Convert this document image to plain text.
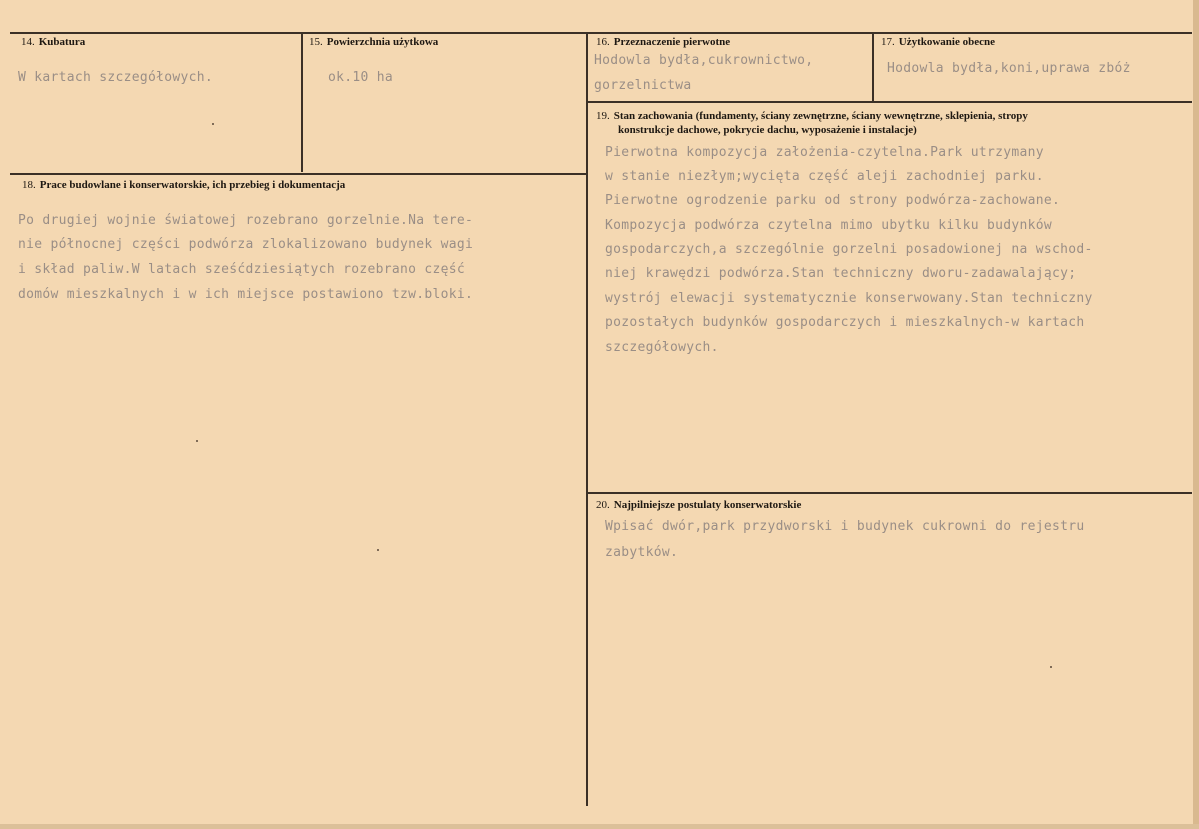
14. Kubatura
W kartach szczegółowych.
15. Powierzchnia użytkowa
ok.10 ha
16. Przeznaczenie pierwotne
Hodowla bydła,cukrownictwo,
gorzelnictwa
17. Użytkowanie obecne
Hodowla bydła,koni,uprawa zbóż
18. Prace budowlane i konserwatorskie, ich przebieg i dokumentacja
Po drugiej wojnie światowej rozebrano gorzelnie.Na tere-
nie północnej części podwórza zlokalizowano budynek wagi
i skład paliw.W latach sześćdziesiątych rozebrano część
domów mieszkalnych i w ich miejsce postawiono tzw.bloki.
19. Stan zachowania (fundamenty, ściany zewnętrzne, ściany wewnętrzne, sklepienia, stropy
konstrukcje dachowe, pokrycie dachu, wyposażenie i instalacje)
Pierwotna kompozycja założenia-czytelna.Park utrzymany
w stanie niezłym;wycięta część aleji zachodniej parku.
Pierwotne ogrodzenie parku od strony podwórza-zachowane.
Kompozycja podwórza czytelna mimo ubytku kilku budynków
gospodarczych,a szczególnie gorzelni posadowionej na wschod-
niej krawędzi podwórza.Stan techniczny dworu-zadawalający;
wystrój elewacji systematycznie konserwowany.Stan techniczny
pozostałych budynków gospodarczych i mieszkalnych-w kartach
szczegółowych.
20. Najpilniejsze postulaty konserwatorskie
Wpisać dwór,park przydworski i budynek cukrowni do rejestru
zabytków.
